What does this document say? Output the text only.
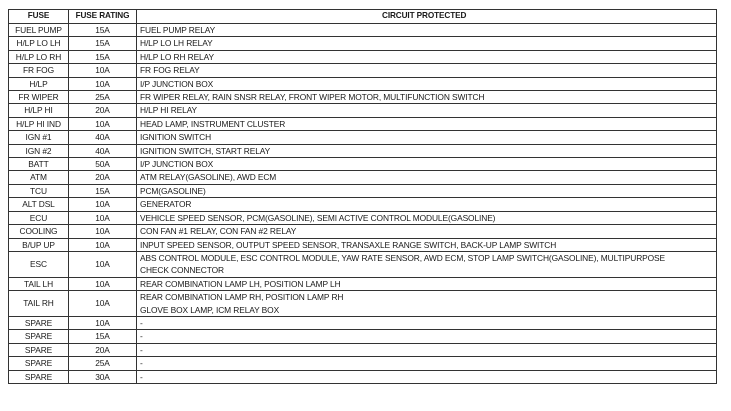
FUSE	FUSE RATING	CIRCUIT PROTECTED
FUEL PUMP	15A	FUEL PUMP RELAY

H/LP LO LH	15A	H/LP LO LH RELAY

H/LP LO RH	15A	H/LP LO RH RELAY

FR FOG	10A	FR FOG RELAY

H/LP	10A	I/P JUNCTION BOX

FR WIPER	25A	FR WIPER RELAY, RAIN SNSR RELAY, FRONT WIPER MOTOR, MULTIFUNCTION SWITCH

H/LP HI	20A	H/LP HI RELAY

H/LP HI IND	10A	HEAD LAMP, INSTRUMENT CLUSTER

IGN #1	40A	IGNITION SWITCH

IGN #2	40A	IGNITION SWITCH, START RELAY

BATT	50A	I/P JUNCTION BOX

ATM	20A	ATM RELAY(GASOLINE), AWD ECM

TCU	15A	PCM(GASOLINE)

ALT DSL	10A	GENERATOR

ECU	10A	VEHICLE SPEED SENSOR, PCM(GASOLINE), SEMI ACTIVE CONTROL MODULE(GASOLINE)

COOLING	10A	CON FAN #1 RELAY, CON FAN #2 RELAY

B/UP UP	10A	INPUT SPEED SENSOR, OUTPUT SPEED SENSOR, TRANSAXLE RANGE SWITCH, BACK-UP LAMP SWITCH

ESC	10A	ABS CONTROL MODULE, ESC CONTROL MODULE, YAW RATE SENSOR, AWD ECM, STOP LAMP SWITCH(GASOLINE), MULTIPURPOSE
CHECK CONNECTOR

TAIL LH	10A	REAR COMBINATION LAMP LH, POSITION LAMP LH

TAIL RH	10A	REAR COMBINATION LAMP RH, POSITION LAMP RH
GLOVE BOX LAMP, ICM RELAY BOX

SPARE	10A	-

SPARE	15A	-

SPARE	20A	-

SPARE	25A	-

SPARE	30A	-
